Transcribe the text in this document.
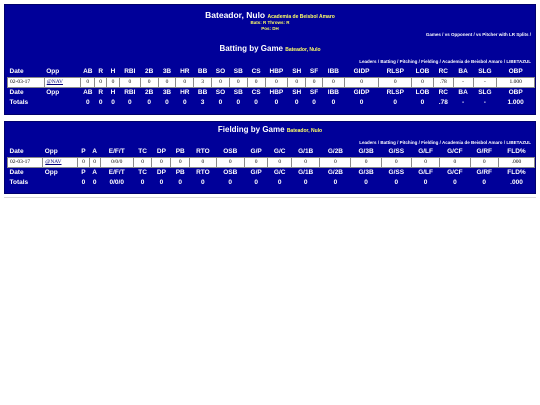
Bateador, Nulo Academia de Beisbol Amaro
Bats: R Throws: R
Pos: DH
Games / vs Opponent / vs Pitcher with LR Splits /
Batting by Game Bateador, Nulo
Leaders / Batting / Pitching / Fielding / Academia de Beisbol Amaro / LIBETAZUL
Date	Opp	AB	R	H	RBI	2B	3B	HR	BB	SO	SB	CS	HBP	SH	SF	IBB	GIDP	RLSP	LOB	RC	BA	SLG	OBP
02-03-17	@NAV	0	0	0	0	0	0	0	3	0	0	0	0	0	0	0	0	0	0	.78	-	-	1.000
Date	Opp	AB	R	H	RBI	2B	3B	HR	BB	SO	SB	CS	HBP	SH	SF	IBB	GIDP	RLSP	LOB	RC	BA	SLG	OBP
Totals		0	0	0	0	0	0	0	3	0	0	0	0	0	0	0	0	0	0	.78	-	-	1.000
Fielding by Game Bateador, Nulo
Leaders / Batting / Pitching / Fielding / Academia de Beisbol Amaro / LIBETAZUL
Date	Opp	P	A	E/F/T	TC	DP	PB	RTO	OSB	G/P	G/C	G/1B	G/2B	G/3B	G/SS	G/LF	G/CF	G/RF	FLD%
02-03-17	@NAV	0	0	0/0/0	0	0	0	0	0	0	0	0	0	0	0	0	0	0	.000
Date	Opp	P	A	E/F/T	TC	DP	PB	RTO	OSB	G/P	G/C	G/1B	G/2B	G/3B	G/SS	G/LF	G/CF	G/RF	FLD%
Totals		0	0	0/0/0	0	0	0	0	0	0	0	0	0	0	0	0	0	0	.000
